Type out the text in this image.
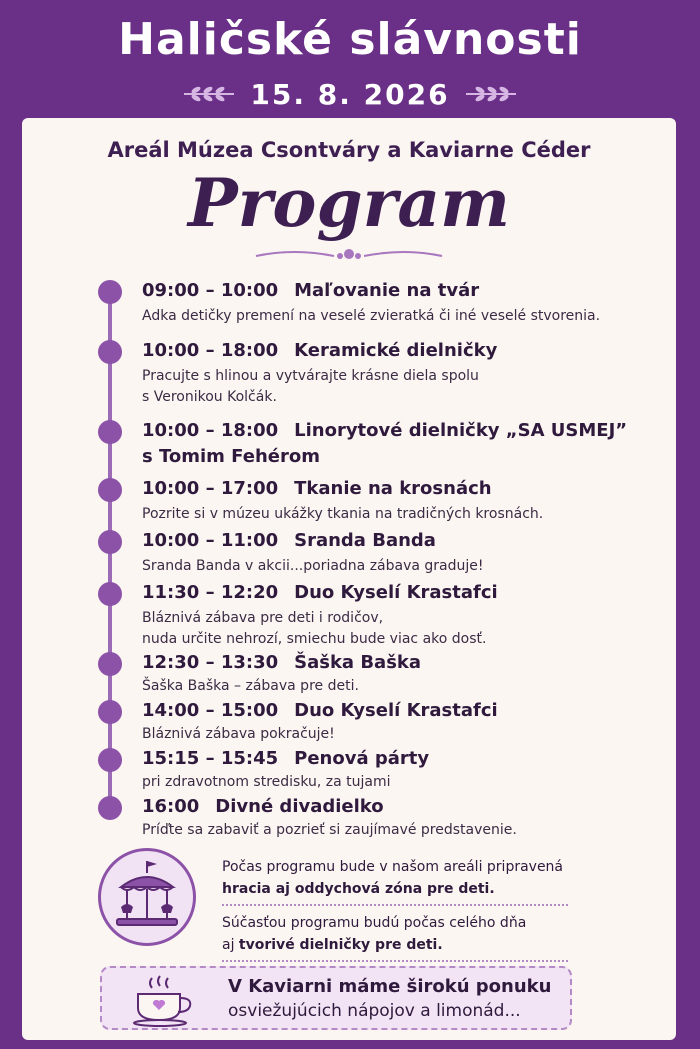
Haličské slávnosti
15. 8. 2026
Areál Múzea Csontváry a Kaviarne Céder
Program
09:00 – 10:00 Maľovanie na tvár
Adka detičky premení na veselé zvieratká či iné veselé stvorenia.
10:00 – 18:00 Keramické dielničky
Pracujte s hlinou a vytvárajte krásne diela spolu
s Veronikou Kolčák.
10:00 – 18:00 Linorytové dielničky „SA USMEJ”
s Tomim Fehérom
10:00 – 17:00 Tkanie na krosnách
Pozrite si v múzeu ukážky tkania na tradičných krosnách.
10:00 – 11:00 Sranda Banda
Sranda Banda v akcii...poriadna zábava graduje!
11:30 – 12:20 Duo Kyselí Krastafci
Bláznivá zábava pre deti i rodičov,
nuda určite nehrozí, smiechu bude viac ako dosť.
12:30 – 13:30 Šaška Baška
Šaška Baška – zábava pre deti.
14:00 – 15:00 Duo Kyselí Krastafci
Bláznivá zábava pokračuje!
15:15 – 15:45 Penová párty
pri zdravotnom stredisku, za tujami
16:00 Divné divadielko
Príďte sa zabaviť a pozrieť si zaujímavé predstavenie.
Počas programu bude v našom areáli pripravená
hracia aj oddychová zóna pre deti.
Súčasťou programu budú počas celého dňa
aj tvorivé dielničky pre deti.
V Kaviarni máme širokú ponuku
osviežujúcich nápojov a limonád...
